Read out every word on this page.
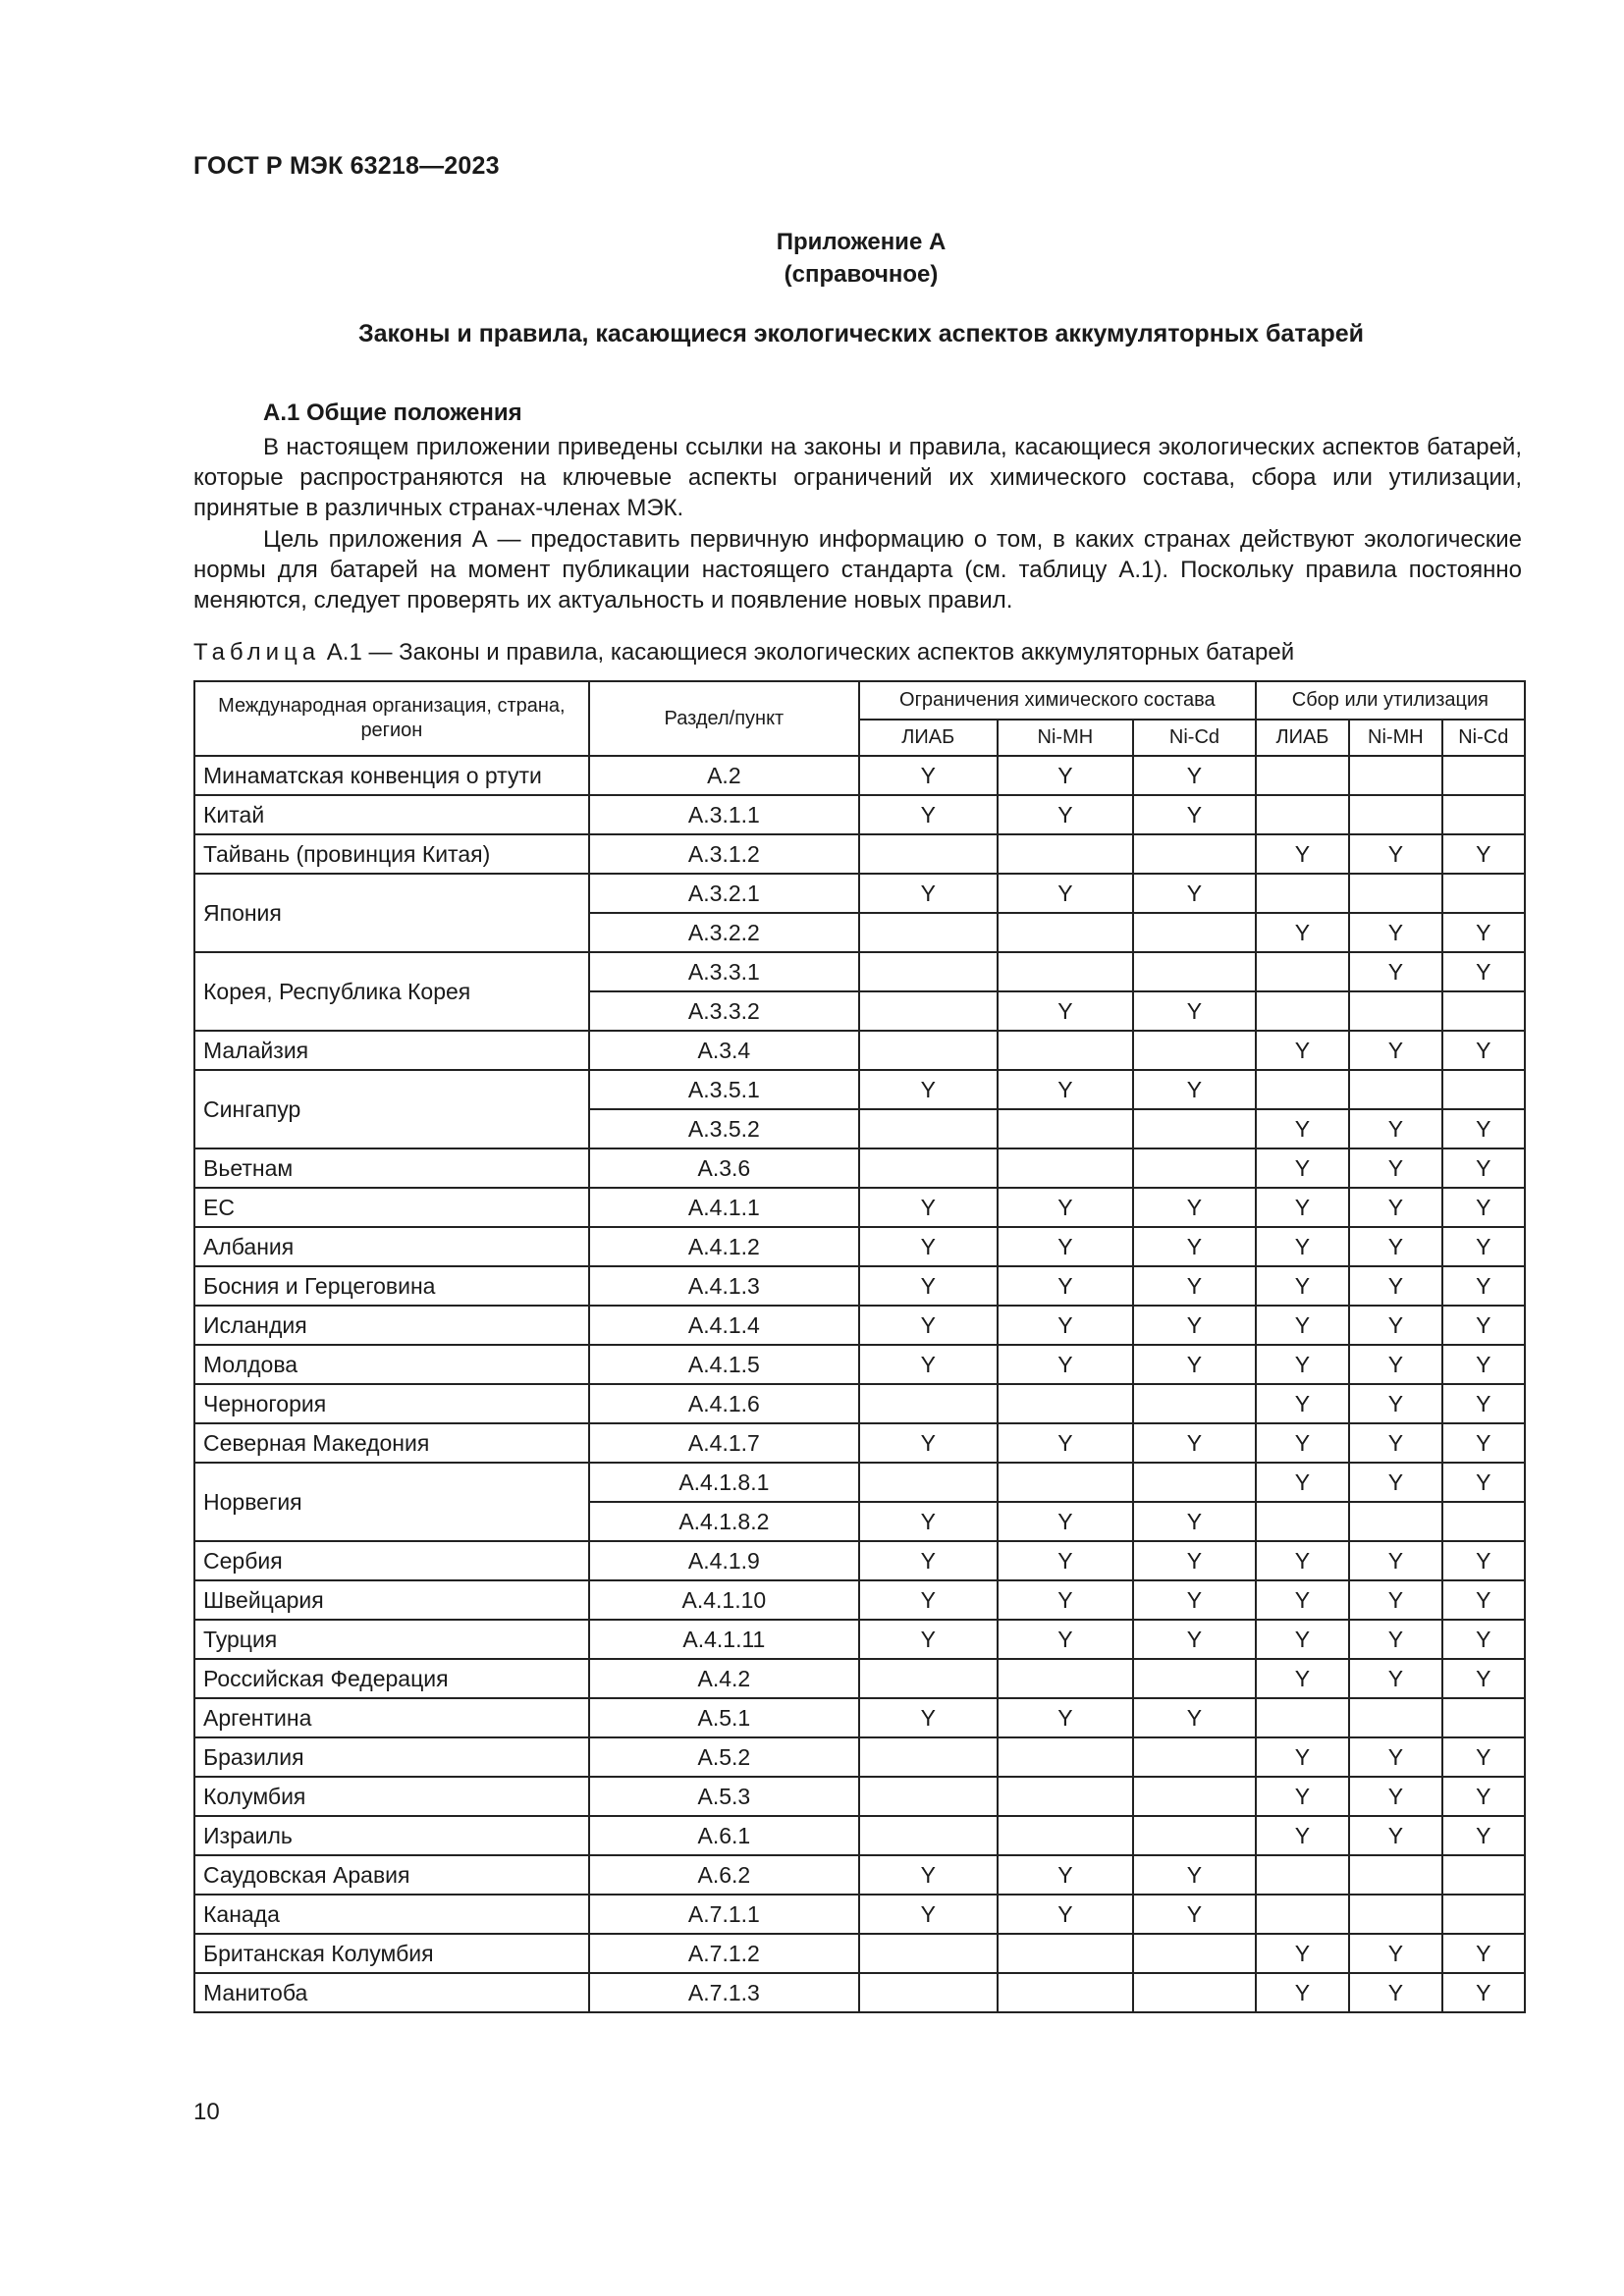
ГОСТ Р МЭК 63218—2023
Приложение А
(справочное)
Законы и правила, касающиеся экологических аспектов аккумуляторных батарей
А.1 Общие положения

В настоящем приложении приведены ссылки на законы и правила, касающиеся экологических аспектов батарей, которые распространяются на ключевые аспекты ограничений их химического состава, сбора или утилизации, принятые в различных странах-членах МЭК.

Цель приложения А — предоставить первичную информацию о том, в каких странах действуют экологические нормы для батарей на момент публикации настоящего стандарта (см. таблицу А.1). Поскольку правила постоянно меняются, следует проверять их актуальность и появление новых правил.

Таблица А.1 — Законы и правила, касающиеся экологических аспектов аккумуляторных батарей
Международная организация, страна, регион	Раздел/пункт	Ограничения химического состава			Сбор или утилизация		
		ЛИАБ	Ni-MH	Ni-Cd	ЛИАБ	Ni-MH	Ni-Cd
Минаматская конвенция о ртути	А.2	Y	Y	Y			
Китай	А.3.1.1	Y	Y	Y			
Тайвань (провинция Китая)	А.3.1.2				Y	Y	Y
Япония	А.3.2.1	Y	Y	Y			
	А.3.2.2				Y	Y	Y
Корея, Республика Корея	А.3.3.1					Y	Y
	А.3.3.2		Y	Y			
Малайзия	А.3.4				Y	Y	Y
Сингапур	А.3.5.1	Y	Y	Y			
	А.3.5.2				Y	Y	Y
Вьетнам	А.3.6				Y	Y	Y
ЕС	А.4.1.1	Y	Y	Y	Y	Y	Y
Албания	А.4.1.2	Y	Y	Y	Y	Y	Y
Босния и Герцеговина	А.4.1.3	Y	Y	Y	Y	Y	Y
Исландия	А.4.1.4	Y	Y	Y	Y	Y	Y
Молдова	А.4.1.5	Y	Y	Y	Y	Y	Y
Черногория	А.4.1.6				Y	Y	Y
Северная Македония	А.4.1.7	Y	Y	Y	Y	Y	Y
Норвегия	А.4.1.8.1				Y	Y	Y
	А.4.1.8.2	Y	Y	Y			
Сербия	А.4.1.9	Y	Y	Y	Y	Y	Y
Швейцария	А.4.1.10	Y	Y	Y	Y	Y	Y
Турция	А.4.1.11	Y	Y	Y	Y	Y	Y
Российская Федерация	А.4.2				Y	Y	Y
Аргентина	А.5.1	Y	Y	Y			
Бразилия	А.5.2				Y	Y	Y
Колумбия	А.5.3				Y	Y	Y
Израиль	А.6.1				Y	Y	Y
Саудовская Аравия	А.6.2	Y	Y	Y			
Канада	А.7.1.1	Y	Y	Y			
Британская Колумбия	А.7.1.2				Y	Y	Y
Манитоба	А.7.1.3				Y	Y	Y
10
